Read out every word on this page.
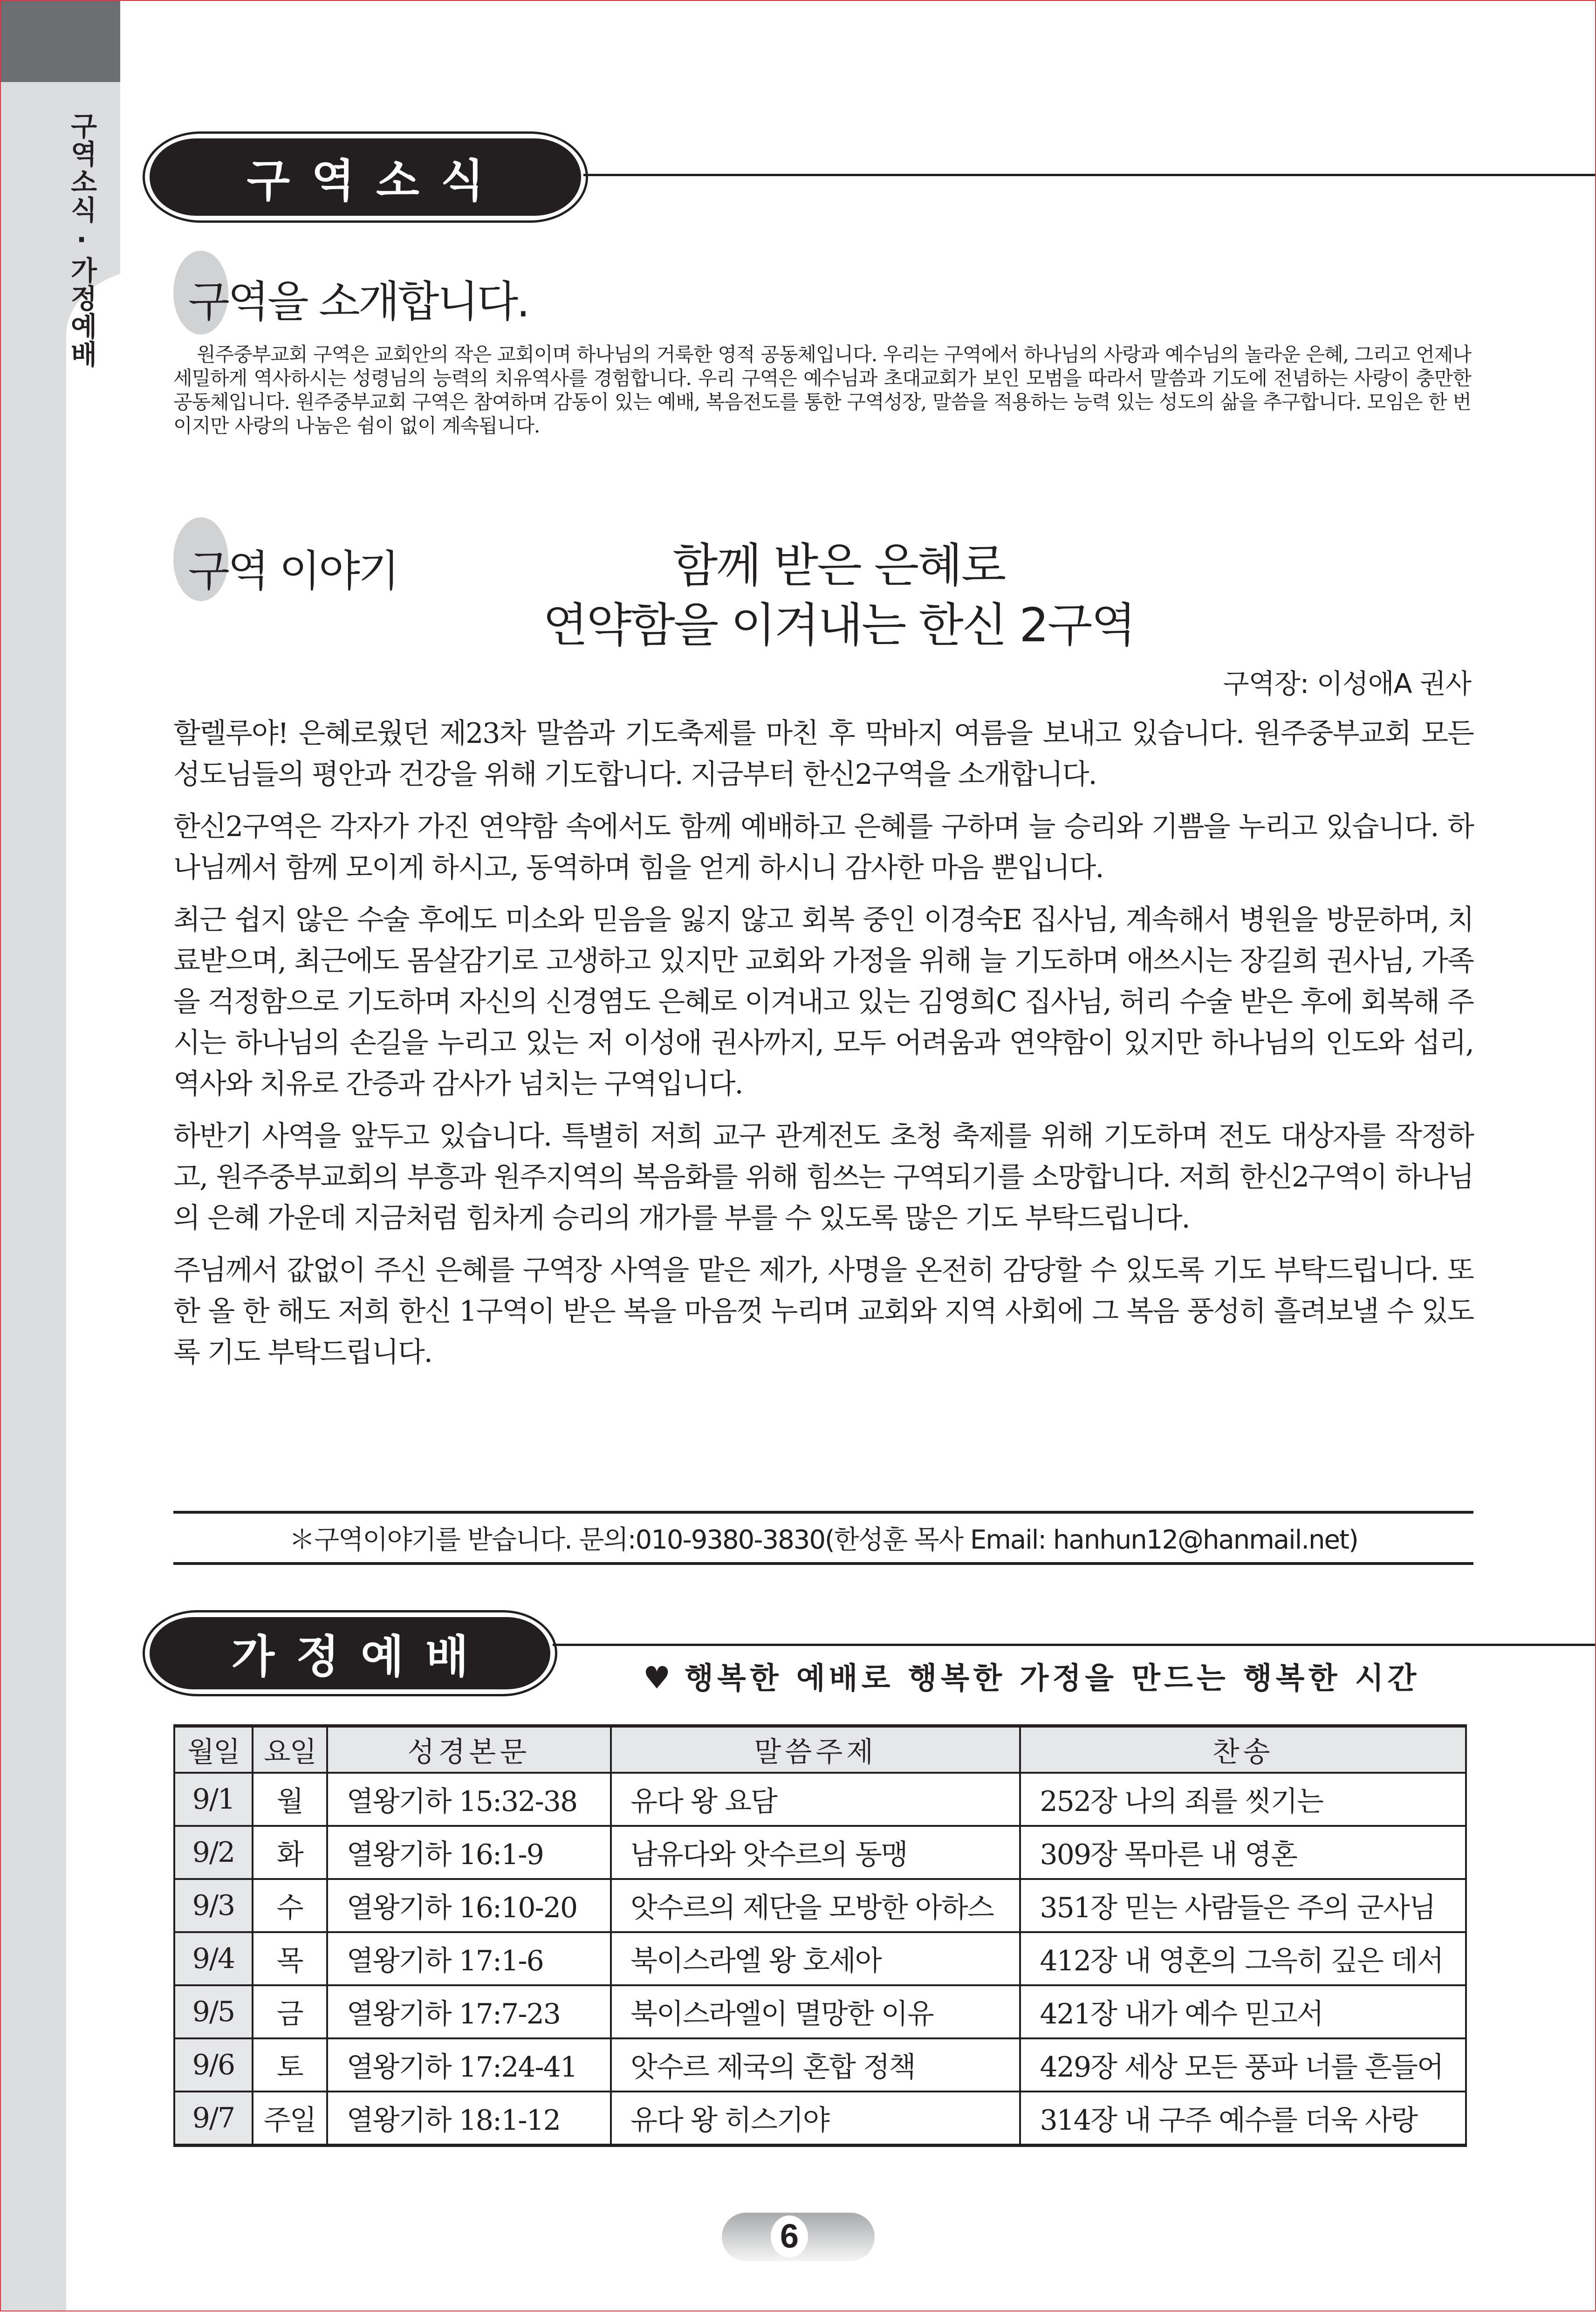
구역소식·가정예배	구역소식
구역을 소개합니다.

원주중부교회 구역은 교회안의 작은 교회이며 하나님의 거룩한 영적 공동체입니다. 우리는 구역에서 하나님의 사랑과 예수님의 놀라운 은혜, 그리고 언제나 세밀하게 역사하시는 성령님의 능력의 치유역사를 경험합니다. 우리 구역은 예수님과 초대교회가 보인 모범을 따라서 말씀과 기도에 전념하는 사랑이 충만한 공동체입니다. 원주중부교회 구역은 참여하며 감동이 있는 예배, 복음전도를 통한 구역성장, 말씀을 적용하는 능력 있는 성도의 삶을 추구합니다. 모임은 한 번이지만 사랑의 나눔은 쉼이 없이 계속됩니다.

구역 이야기	함께 받은 은혜로
연약함을 이겨내는 한신 2구역
구역장: 이성애A 권사

할렐루야! 은혜로웠던 제23차 말씀과 기도축제를 마친 후 막바지 여름을 보내고 있습니다. 원주중부교회 모든 성도님들의 평안과 건강을 위해 기도합니다. 지금부터 한신2구역을 소개합니다.

한신2구역은 각자가 가진 연약함 속에서도 함께 예배하고 은혜를 구하며 늘 승리와 기쁨을 누리고 있습니다. 하나님께서 함께 모이게 하시고, 동역하며 힘을 얻게 하시니 감사한 마음 뿐입니다.

최근 쉽지 않은 수술 후에도 미소와 믿음을 잃지 않고 회복 중인 이경숙E 집사님, 계속해서 병원을 방문하며, 치료받으며, 최근에도 몸살감기로 고생하고 있지만 교회와 가정을 위해 늘 기도하며 애쓰시는 장길희 권사님, 가족을 걱정함으로 기도하며 자신의 신경염도 은혜로 이겨내고 있는 김영희C 집사님, 허리 수술 받은 후에 회복해 주시는 하나님의 손길을 누리고 있는 저 이성애 권사까지, 모두 어려움과 연약함이 있지만 하나님의 인도와 섭리, 역사와 치유로 간증과 감사가 넘치는 구역입니다.

하반기 사역을 앞두고 있습니다. 특별히 저희 교구 관계전도 초청 축제를 위해 기도하며 전도 대상자를 작정하고, 원주중부교회의 부흥과 원주지역의 복음화를 위해 힘쓰는 구역되기를 소망합니다. 저희 한신2구역이 하나님의 은혜 가운데 지금처럼 힘차게 승리의 개가를 부를 수 있도록 많은 기도 부탁드립니다.

주님께서 값없이 주신 은혜를 구역장 사역을 맡은 제가, 사명을 온전히 감당할 수 있도록 기도 부탁드립니다. 또한 올 한 해도 저희 한신 1구역이 받은 복을 마음껏 누리며 교회와 지역 사회에 그 복음 풍성히 흘려보낼 수 있도록 기도 부탁드립니다.

＊구역이야기를 받습니다. 문의:010-9380-3830(한성훈 목사 Email: hanhun12@hanmail.net)
가정예배	♥ 행복한 예배로 행복한 가정을 만드는 행복한 시간
월일	요일	성경본문	말씀주제	찬송
9/1	월	열왕기하 15:32-38	유다 왕 요담	252장 나의 죄를 씻기는
9/2	화	열왕기하 16:1-9	남유다와 앗수르의 동맹	309장 목마른 내 영혼
9/3	수	열왕기하 16:10-20	앗수르의 제단을 모방한 아하스	351장 믿는 사람들은 주의 군사님
9/4	목	열왕기하 17:1-6	북이스라엘 왕 호세아	412장 내 영혼의 그윽히 깊은 데서
9/5	금	열왕기하 17:7-23	북이스라엘이 멸망한 이유	421장 내가 예수 믿고서
9/6	토	열왕기하 17:24-41	앗수르 제국의 혼합 정책	429장 세상 모든 풍파 너를 흔들어
9/7	주일	열왕기하 18:1-12	유다 왕 히스기야	314장 내 구주 예수를 더욱 사랑
6
